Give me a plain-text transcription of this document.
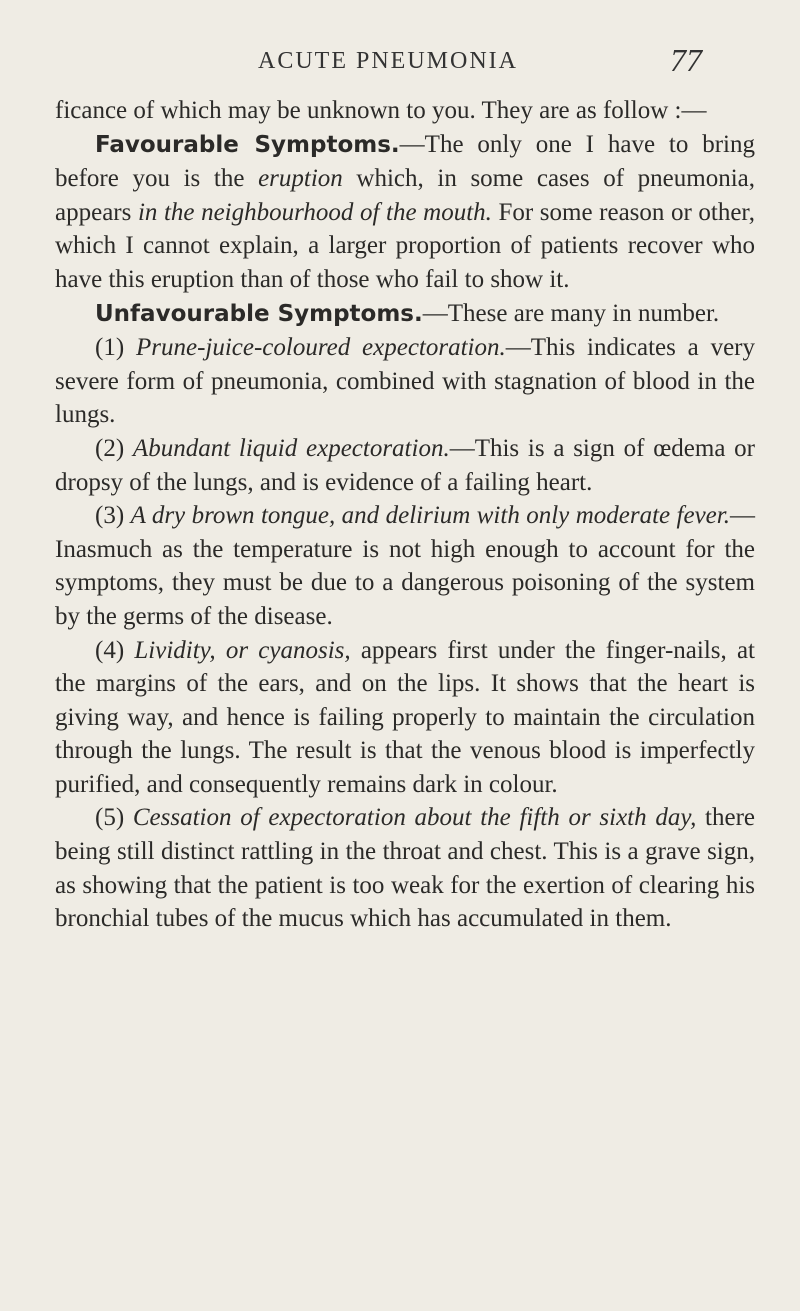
ACUTE PNEUMONIA	77

ficance of which may be unknown to you. They are as follow :—

Favourable Symptoms.—The only one I have to bring before you is the eruption which, in some cases of pneumonia, appears in the neighbourhood of the mouth. For some reason or other, which I cannot explain, a larger proportion of patients recover who have this eruption than of those who fail to show it.

Unfavourable Symptoms.—These are many in number.

(1) Prune-juice-coloured expectoration.—This indicates a very severe form of pneumonia, combined with stagnation of blood in the lungs.

(2) Abundant liquid expectoration.—This is a sign of œdema or dropsy of the lungs, and is evidence of a failing heart.

(3) A dry brown tongue, and delirium with only moderate fever.—Inasmuch as the temperature is not high enough to account for the symptoms, they must be due to a dangerous poisoning of the system by the germs of the disease.

(4) Lividity, or cyanosis, appears first under the finger-nails, at the margins of the ears, and on the lips. It shows that the heart is giving way, and hence is failing properly to maintain the circulation through the lungs. The result is that the venous blood is imperfectly purified, and consequently remains dark in colour.

(5) Cessation of expectoration about the fifth or sixth day, there being still distinct rattling in the throat and chest. This is a grave sign, as showing that the patient is too weak for the exertion of clearing his bronchial tubes of the mucus which has accumulated in them.
